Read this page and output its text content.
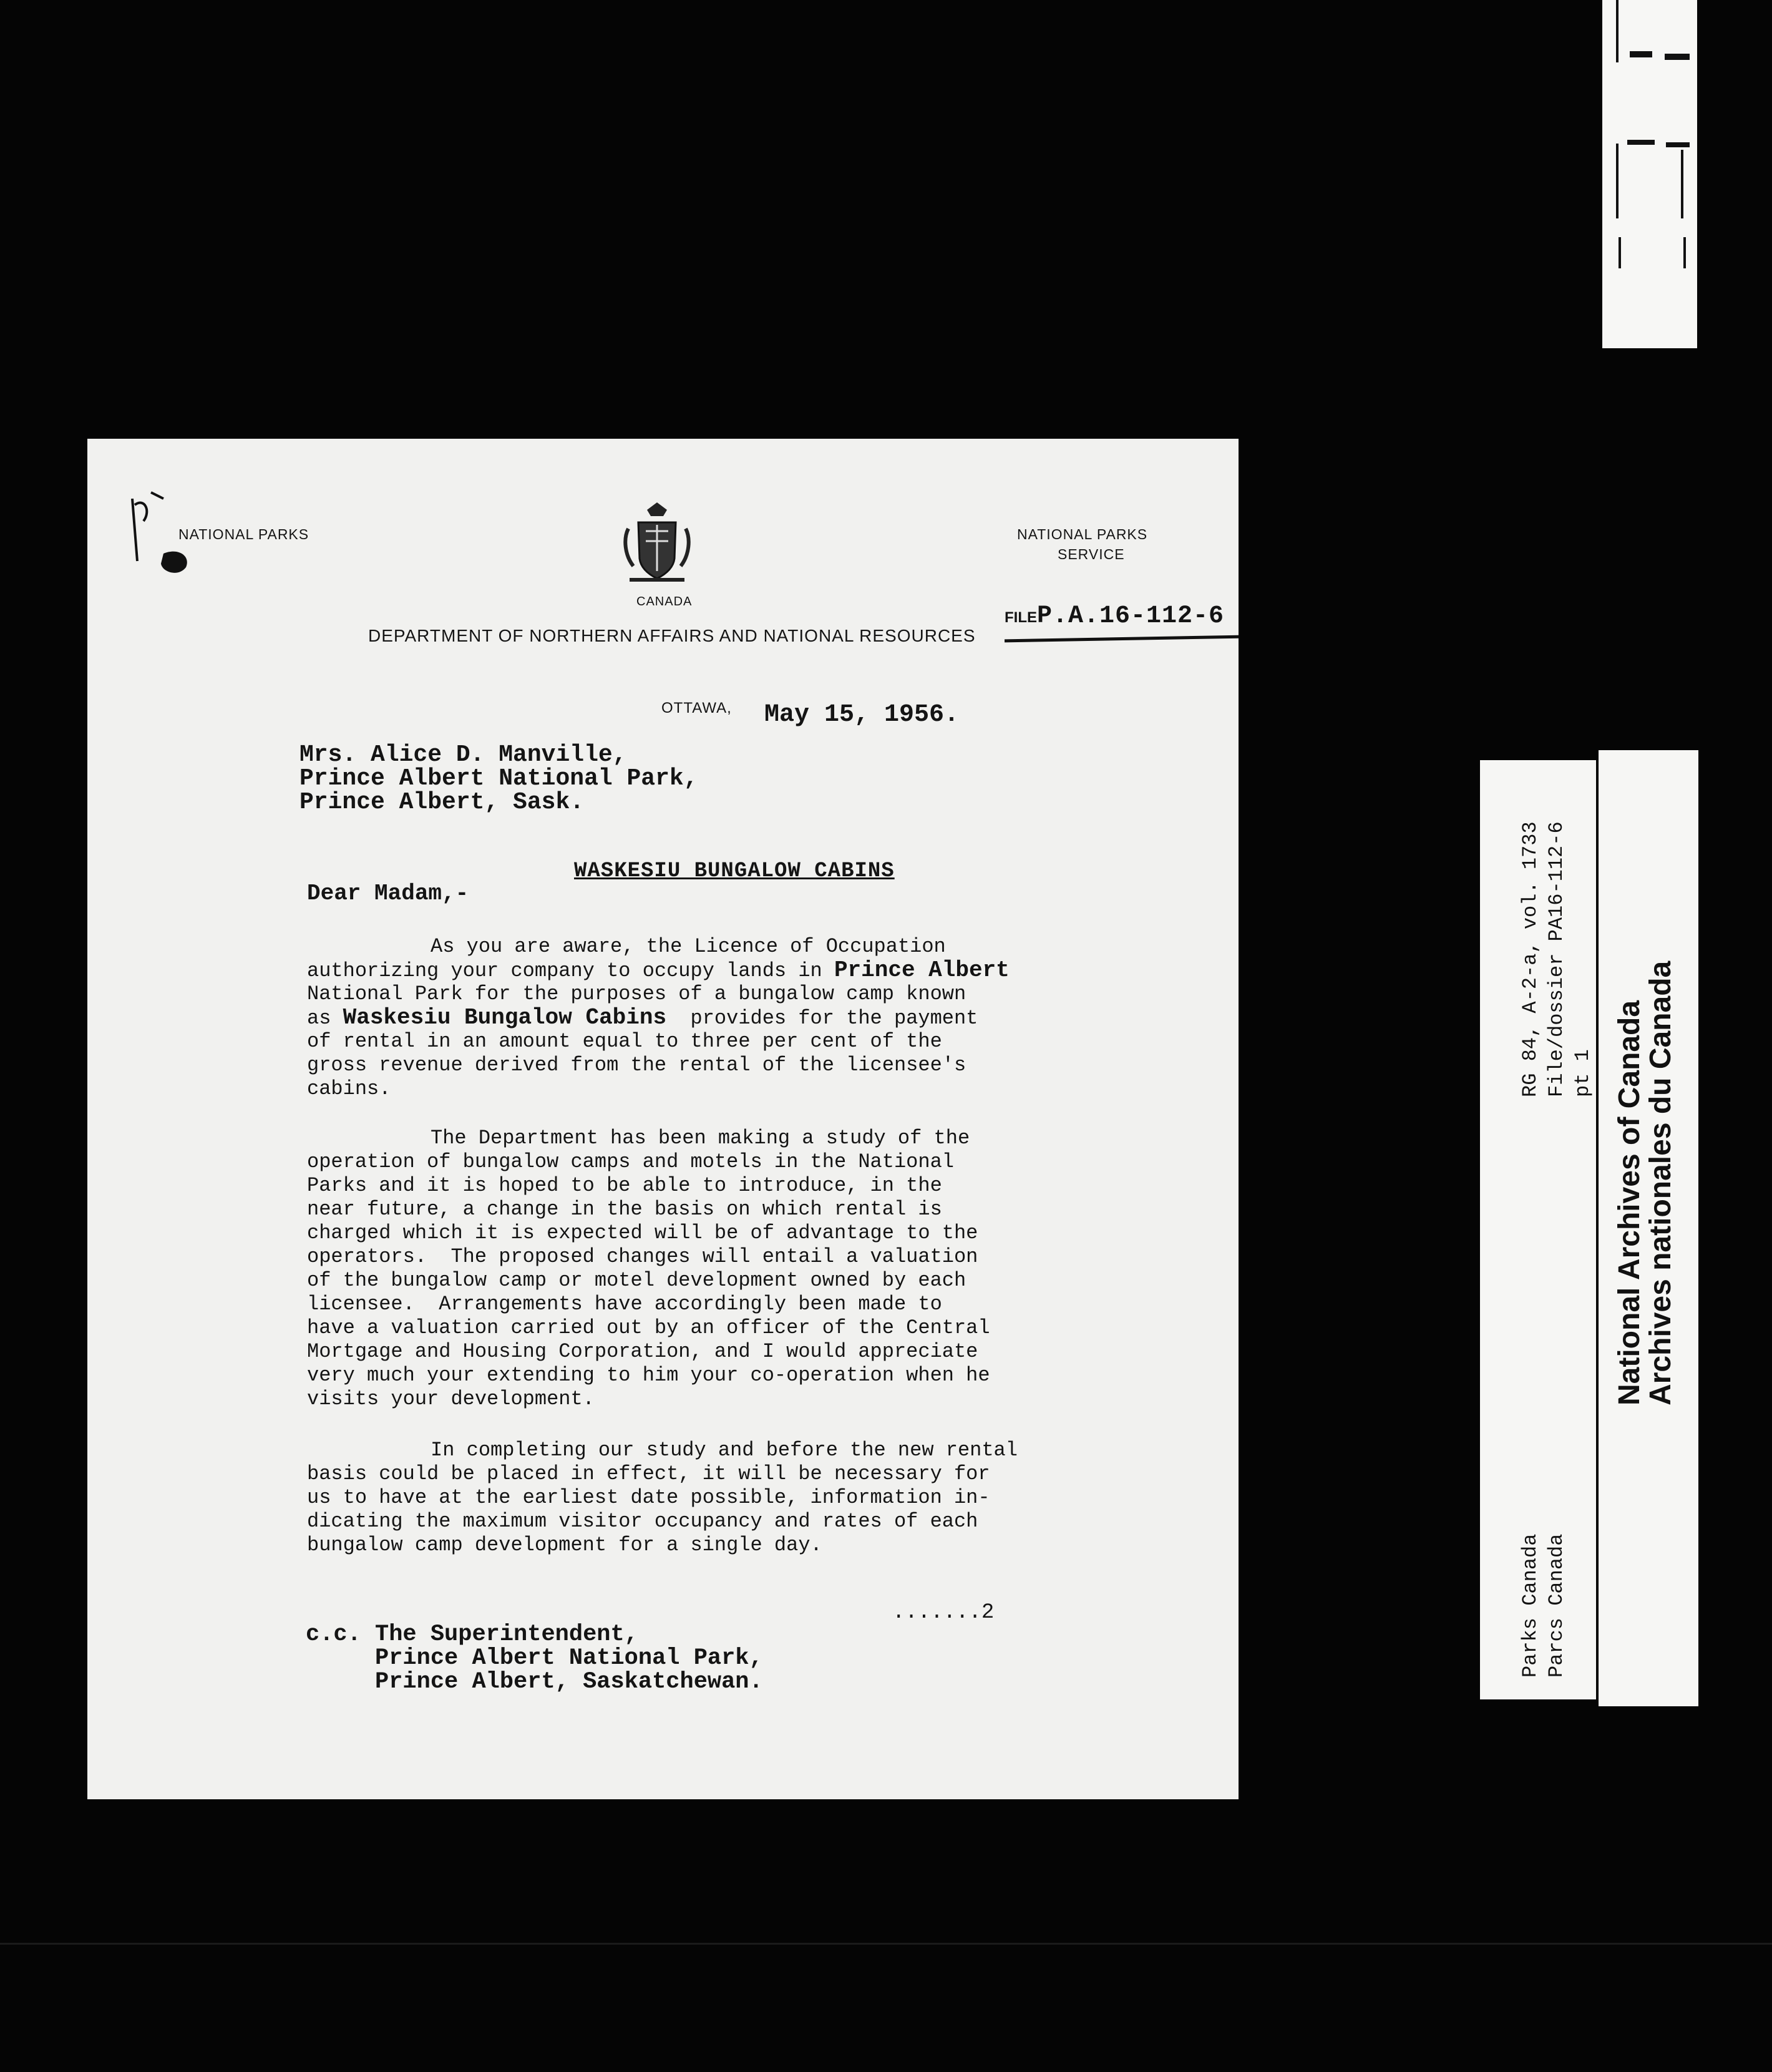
NATIONAL PARKS
CANADA
NATIONAL PARKS
SERVICE
DEPARTMENT OF NORTHERN AFFAIRS AND NATIONAL RESOURCES
FILEP.A.16-112-6
OTTAWA, May 15, 1956.
Mrs. Alice D. Manville,
Prince Albert National Park,
Prince Albert, Sask.
WASKESIU BUNGALOW CABINS
Dear Madam,-
As you are aware, the Licence of Occupation
authorizing your company to occupy lands in Prince Albert
National Park for the purposes of a bungalow camp known
as Waskesiu Bungalow Cabins  provides for the payment
of rental in an amount equal to three per cent of the
gross revenue derived from the rental of the licensee's
cabins.
The Department has been making a study of the
operation of bungalow camps and motels in the National
Parks and it is hoped to be able to introduce, in the
near future, a change in the basis on which rental is
charged which it is expected will be of advantage to the
operators.  The proposed changes will entail a valuation
of the bungalow camp or motel development owned by each
licensee.  Arrangements have accordingly been made to
have a valuation carried out by an officer of the Central
Mortgage and Housing Corporation, and I would appreciate
very much your extending to him your co-operation when he
visits your development.
In completing our study and before the new rental
basis could be placed in effect, it will be necessary for
us to have at the earliest date possible, information in-
dicating the maximum visitor occupancy and rates of each
bungalow camp development for a single day.
.......2
c.c. The Superintendent,
Prince Albert National Park,
Prince Albert, Saskatchewan.
RG 84, A-2-a, vol. 1733 File/dossier PA16-112-6 pt 1
Parks Canada Parcs Canada
National Archives of Canada
Archives nationales du Canada
